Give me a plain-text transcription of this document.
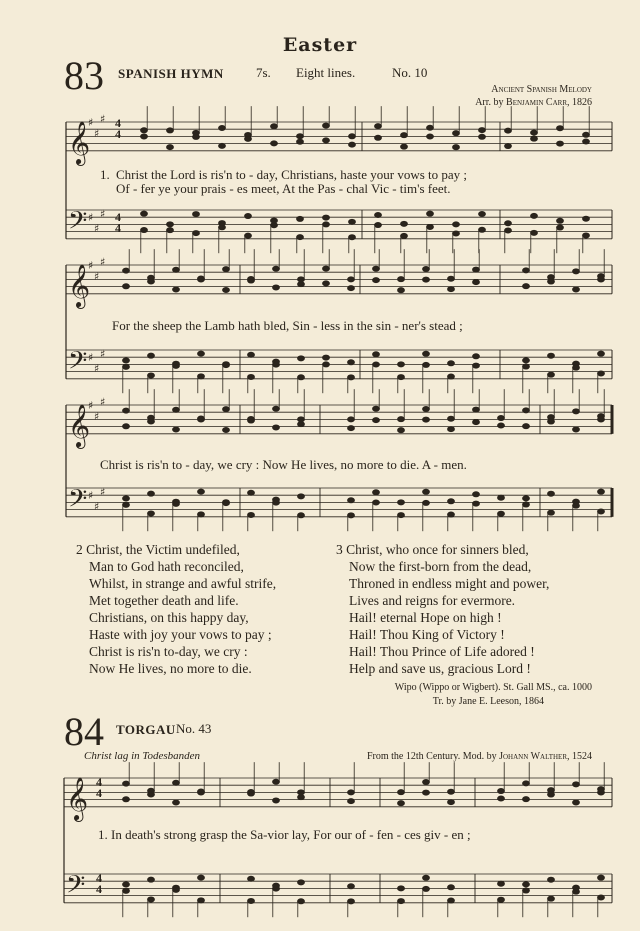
Easter
83 SPANISH HYMN 7s. Eight lines.	No. 10
Ancient Spanish Melody
Arr. by Benjamin Carr, 1826
𝄞
𝄢
♯
♯
♯
♯
♯
♯
𝄞
𝄢
♯
♯
♯
♯
♯
♯
𝄞
𝄢
♯
♯
♯
♯
♯
♯
𝄞
𝄢
1. Christ the Lord is ris'n to - day, Christians, haste your vows to pay ;
Of - fer ye your prais - es meet, At the Pas - chal Vic - tim's feet.
For the sheep the Lamb hath bled, Sin - less in the sin - ner's stead ;
Christ is ris'n to - day, we cry : Now He lives, no more to die. A - men.
2 Christ, the Victim undefiled,
Man to God hath reconciled,
Whilst, in strange and awful strife,
Met together death and life.
Christians, on this happy day,
Haste with joy your vows to pay ;
Christ is ris'n to-day, we cry :
Now He lives, no more to die.
3 Christ, who once for sinners bled,
Now the first-born from the dead,
Throned in endless might and power,
Lives and reigns for evermore.
Hail! eternal Hope on high !
Hail! Thou King of Victory !
Hail! Thou Prince of Life adored !
Help and save us, gracious Lord !
Wipo (Wippo or Wigbert). St. Gall MS., ca. 1000
Tr. by Jane E. Leeson, 1864
84 TORGAU No. 43
Christ lag in Todesbanden	From the 12th Century. Mod. by Johann Walther, 1524
1. In death's strong grasp the Sa-vior lay, For our of - fen - ces giv - en ;
4
4
4
4
4
4
4
4
